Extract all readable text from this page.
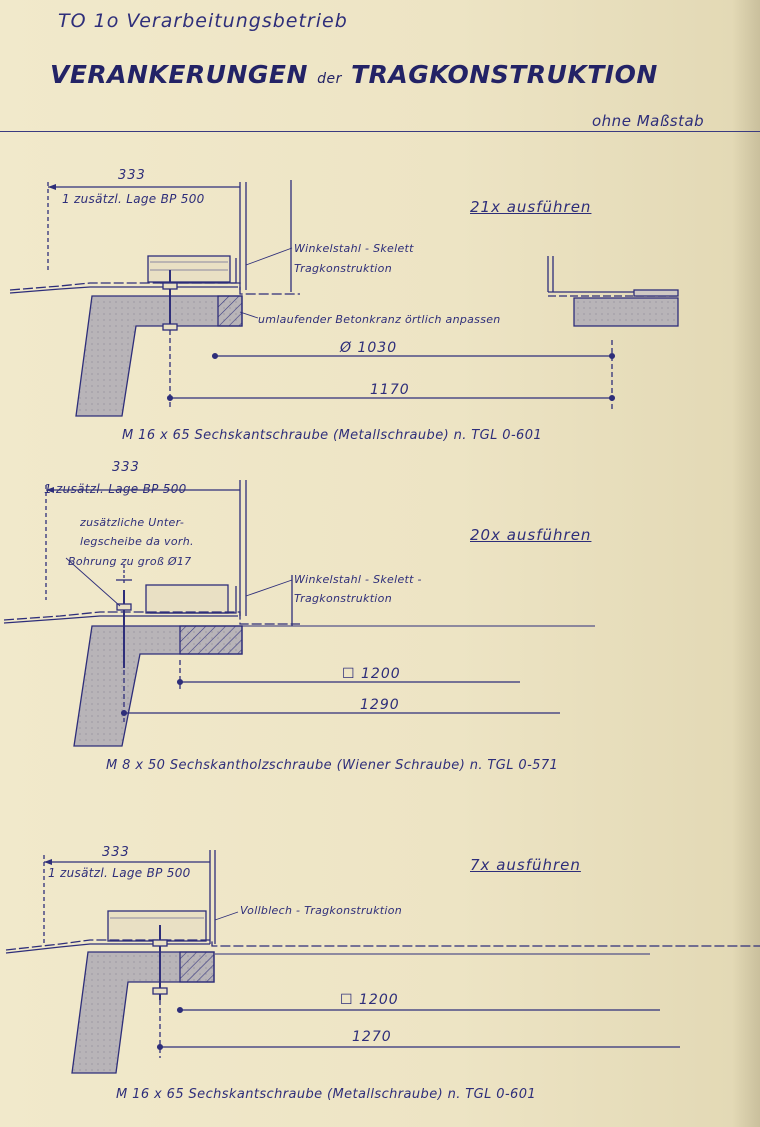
TO 1o Verarbeitungsbetrieb
VERANKERUNGEN der TRAGKONSTRUKTION
ohne Maßstab
333
1 zusätzl. Lage BP 500	21x ausführen
Winkelstahl - Skelett
Tragkonstruktion
umlaufender Betonkranz örtlich anpassen
Ø 1030
1170
M 16 x 65 Sechskantschraube (Metallschraube) n. TGL 0-601
333
1 zusätzl. Lage BP 500
zusätzliche Unter-
legscheibe da vorh.
Bohrung zu groß Ø17
20x ausführen
Winkelstahl - Skelett -
Tragkonstruktion
☐ 1200
1290
M 8 x 50 Sechskantholzschraube (Wiener Schraube) n. TGL 0-571
333
1 zusätzl. Lage BP 500	7x ausführen
Vollblech - Tragkonstruktion
☐ 1200
1270
M 16 x 65 Sechskantschraube (Metallschraube) n. TGL 0-601
